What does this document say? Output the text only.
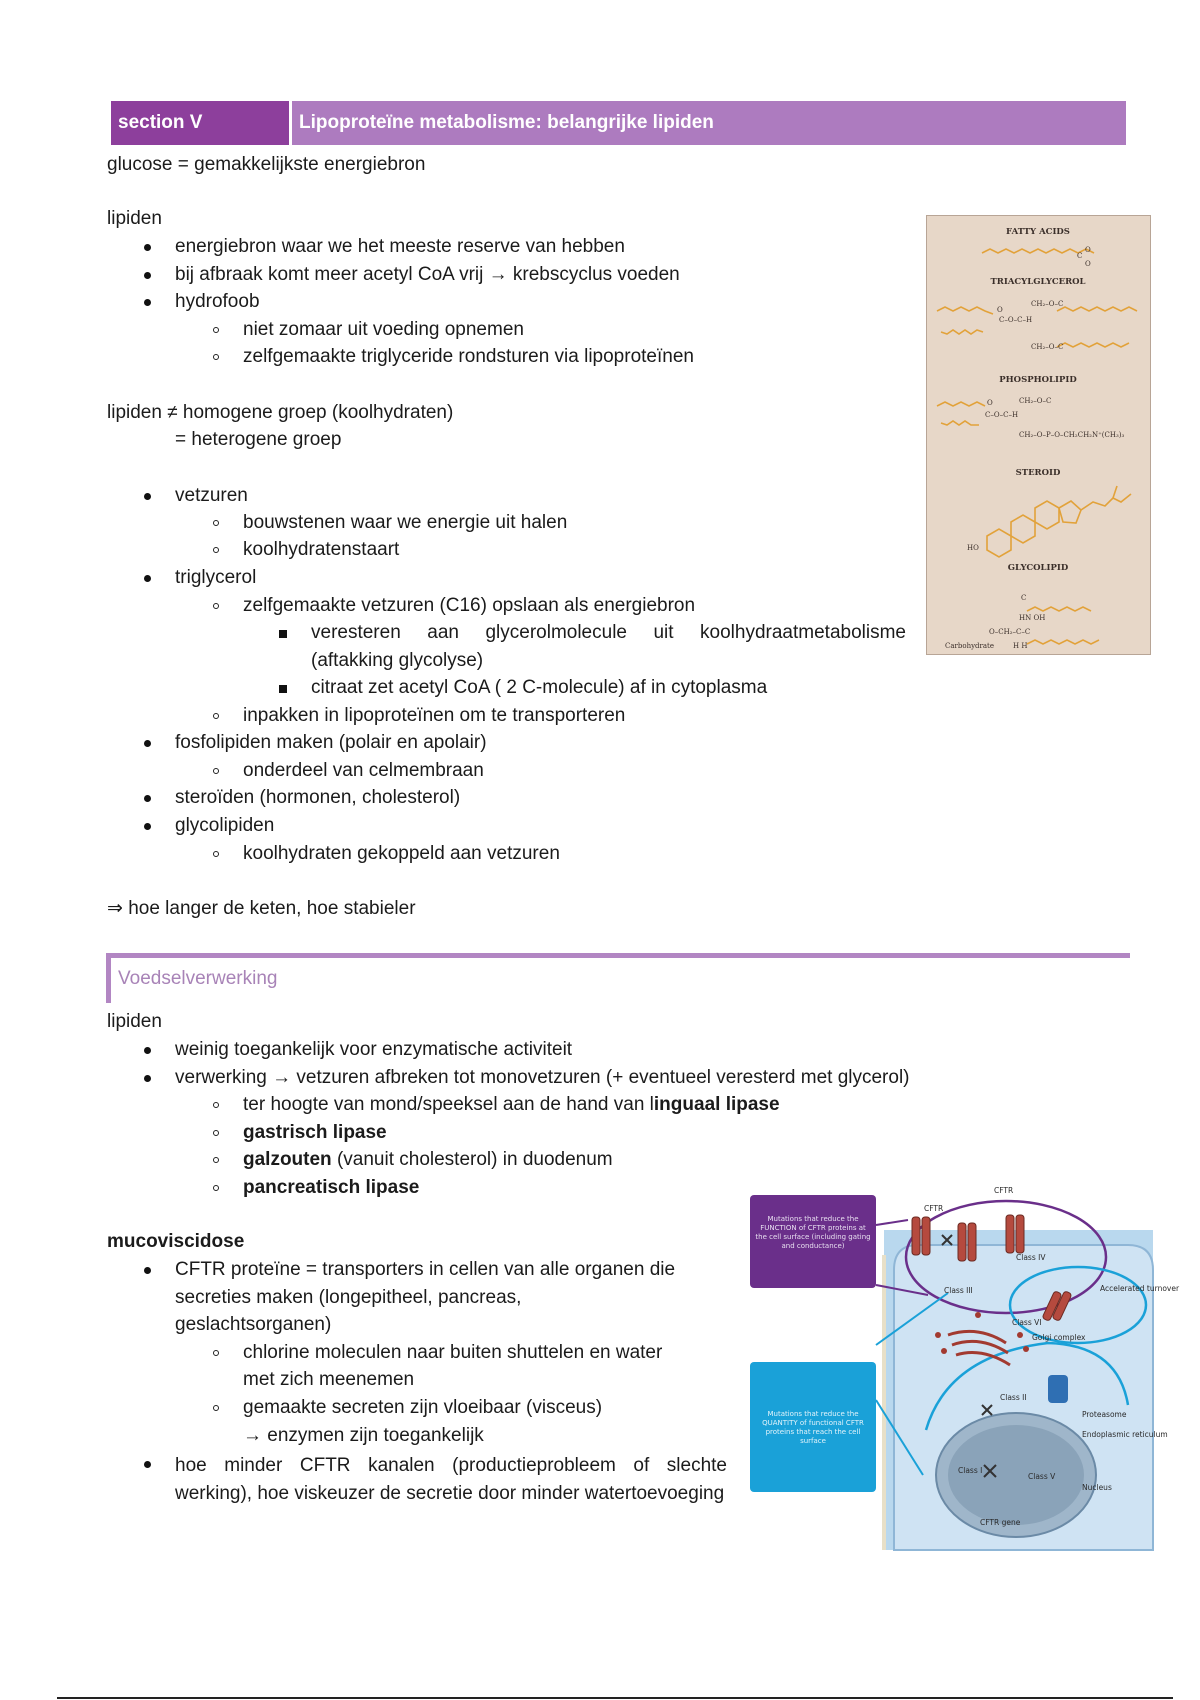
section V	Lipoproteïne metabolisme: belangrijke lipiden
glucose = gemakkelijkste energiebron
lipiden
energiebron waar we het meeste reserve van hebben
bij afbraak komt meer acetyl CoA vrij → krebscyclus voeden
hydrofoob
niet zomaar uit voeding opnemen
zelfgemaakte triglyceride rondsturen via lipoproteïnen
lipiden ≠ homogene groep (koolhydraten)
= heterogene groep
vetzuren
bouwstenen waar we energie uit halen
koolhydratenstaart
triglycerol
zelfgemaakte vetzuren (C16) opslaan als energiebron
veresteren aan glycerolmolecule uit koolhydraatmetabolisme
(aftakking glycolyse)
citraat zet acetyl CoA ( 2 C-molecule) af in cytoplasma
inpakken in lipoproteïnen om te transporteren
fosfolipiden maken (polair en apolair)
onderdeel van celmembraan
steroïden (hormonen, cholesterol)
glycolipiden
koolhydraten gekoppeld aan vetzuren
⇒ hoe langer de keten, hoe stabieler
FATTY ACIDS
TRIACYLGLYCEROL
PHOSPHOLIPID
STEROID
GLYCOLIPID
C
O
O
O
C–O–C–H
CH₂–O–C
CH₂–O–C
O
C–O–C–H
CH₂–O–C
CH₂–O–P–O–CH₂CH₂N⁺(CH₃)₃
HO
C
HN OH
O–CH₂–C–C
Carbohydrate	H H
Voedselverwerking
lipiden
weinig toegankelijk voor enzymatische activiteit
verwerking → vetzuren afbreken tot monovetzuren (+ eventueel veresterd met glycerol)
ter hoogte van mond/speeksel aan de hand van linguaal lipase
gastrisch lipase
galzouten (vanuit cholesterol) in duodenum
pancreatisch lipase
mucoviscidose
CFTR proteïne = transporters in cellen van alle organen die
secreties maken (longepitheel, pancreas,
geslachtsorganen)
chlorine moleculen naar buiten shuttelen en water
met zich meenemen
gemaakte secreten zijn vloeibaar (visceus)
→ enzymen zijn toegankelijk
hoe minder CFTR kanalen (productieprobleem of slechte werking), hoe viskeuzer de secretie door minder watertoevoeging
Mutations that reduce the FUNCTION of CFTR proteins at the cell surface (including gating and conductance)
Mutations that reduce the QUANTITY of functional CFTR proteins that reach the cell surface
CFTR
CFTR
Class III
Class IV
Class VI
Accelerated turnover
Golgi complex
Class II
Proteasome
Endoplasmic reticulum
Class I
Class V
Nucleus
CFTR gene
